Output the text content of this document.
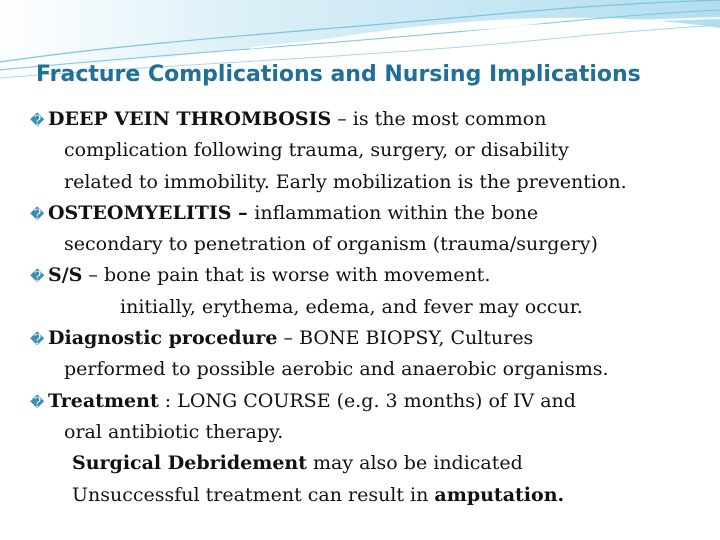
Fracture Complications and Nursing Implications
� DEEP VEIN THROMBOSIS – is the most common
complication following trauma, surgery, or disability
related to immobility. Early mobilization is the prevention.
� OSTEOMYELITIS – inflammation within the bone
secondary to penetration of organism (trauma/surgery)
� S/S – bone pain that is worse with movement.
initially, erythema, edema, and fever may occur.
� Diagnostic procedure – BONE BIOPSY, Cultures
performed to possible aerobic and anaerobic organisms.
� Treatment : LONG COURSE (e.g. 3 months) of IV and
oral antibiotic therapy.
Surgical Debridement may also be indicated
Unsuccessful treatment can result in amputation.
